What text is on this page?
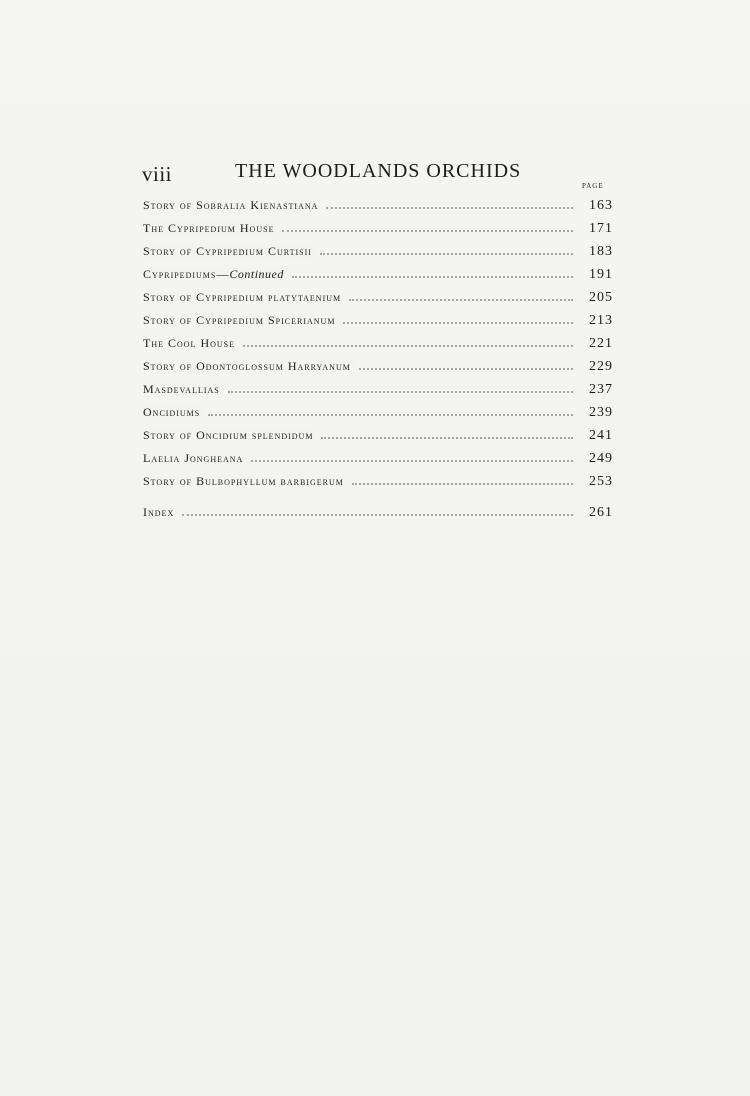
viii	THE WOODLANDS ORCHIDS
PAGE
Story of Sobralia Kienastiana	163
The Cypripedium House	171
Story of Cypripedium Curtisii	183
Cypripediums—Continued	191
Story of Cypripedium platytaenium	205
Story of Cypripedium Spicerianum	213
The Cool House	221
Story of Odontoglossum Harryanum	229
Masdevallias	237
Oncidiums	239
Story of Oncidium splendidum	241
Laelia Jongheana	249
Story of Bulbophyllum barbigerum	253
Index	261
